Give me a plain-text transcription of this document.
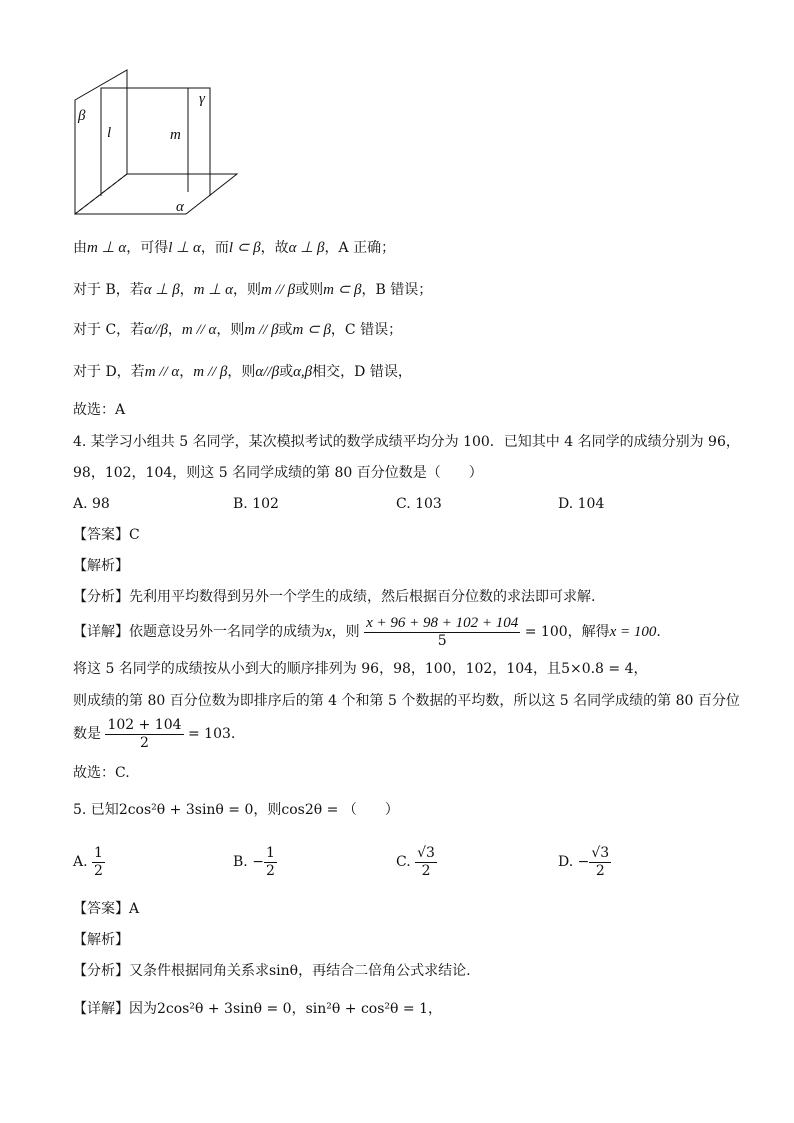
β
γ
l	m
α
由m ⊥ α，可得l ⊥ α，而l ⊂ β，故α ⊥ β，A 正确；
对于 B，若α ⊥ β，m ⊥ α，则m // β或则m ⊂ β，B 错误；
对于 C，若α//β，m // α，则m // β或m ⊂ β，C 错误；
对于 D，若m // α，m // β，则α//β或α,β相交，D 错误，
故选：A
4. 某学习小组共 5 名同学，某次模拟考试的数学成绩平均分为 100．已知其中 4 名同学的成绩分别为 96，
98，102，104，则这 5 名同学成绩的第 80 百分位数是（　　）
A. 98	B. 102	C. 103	D. 104
【答案】C
【解析】
【分析】先利用平均数得到另外一个学生的成绩，然后根据百分位数的求法即可求解.
【详解】依题意设另外一名同学的成绩为x，则 $\frac{x + 96 + 98 + 102 + 104}{5} = 100$，解得x = 100.
将这 5 名同学的成绩按从小到大的顺序排列为 96，98，100，102，104，且5×0.8 = 4，
则成绩的第 80 百分位数为即排序后的第 4 个和第 5 个数据的平均数，所以这 5 名同学成绩的第 80 百分位
数是 $\frac{102 + 104}{2} = 103$.
故选：C.
5. 已知2cos²θ + 3sinθ = 0，则cos2θ = （　　）
A. $\frac{1}{2}$	B. − $\frac{1}{2}$	C. $\frac{√3}{2}$	D. − $\frac{√3}{2}$
【答案】A
【解析】
【分析】又条件根据同角关系求sinθ，再结合二倍角公式求结论.
【详解】因为2cos²θ + 3sinθ = 0，sin²θ + cos²θ = 1，
